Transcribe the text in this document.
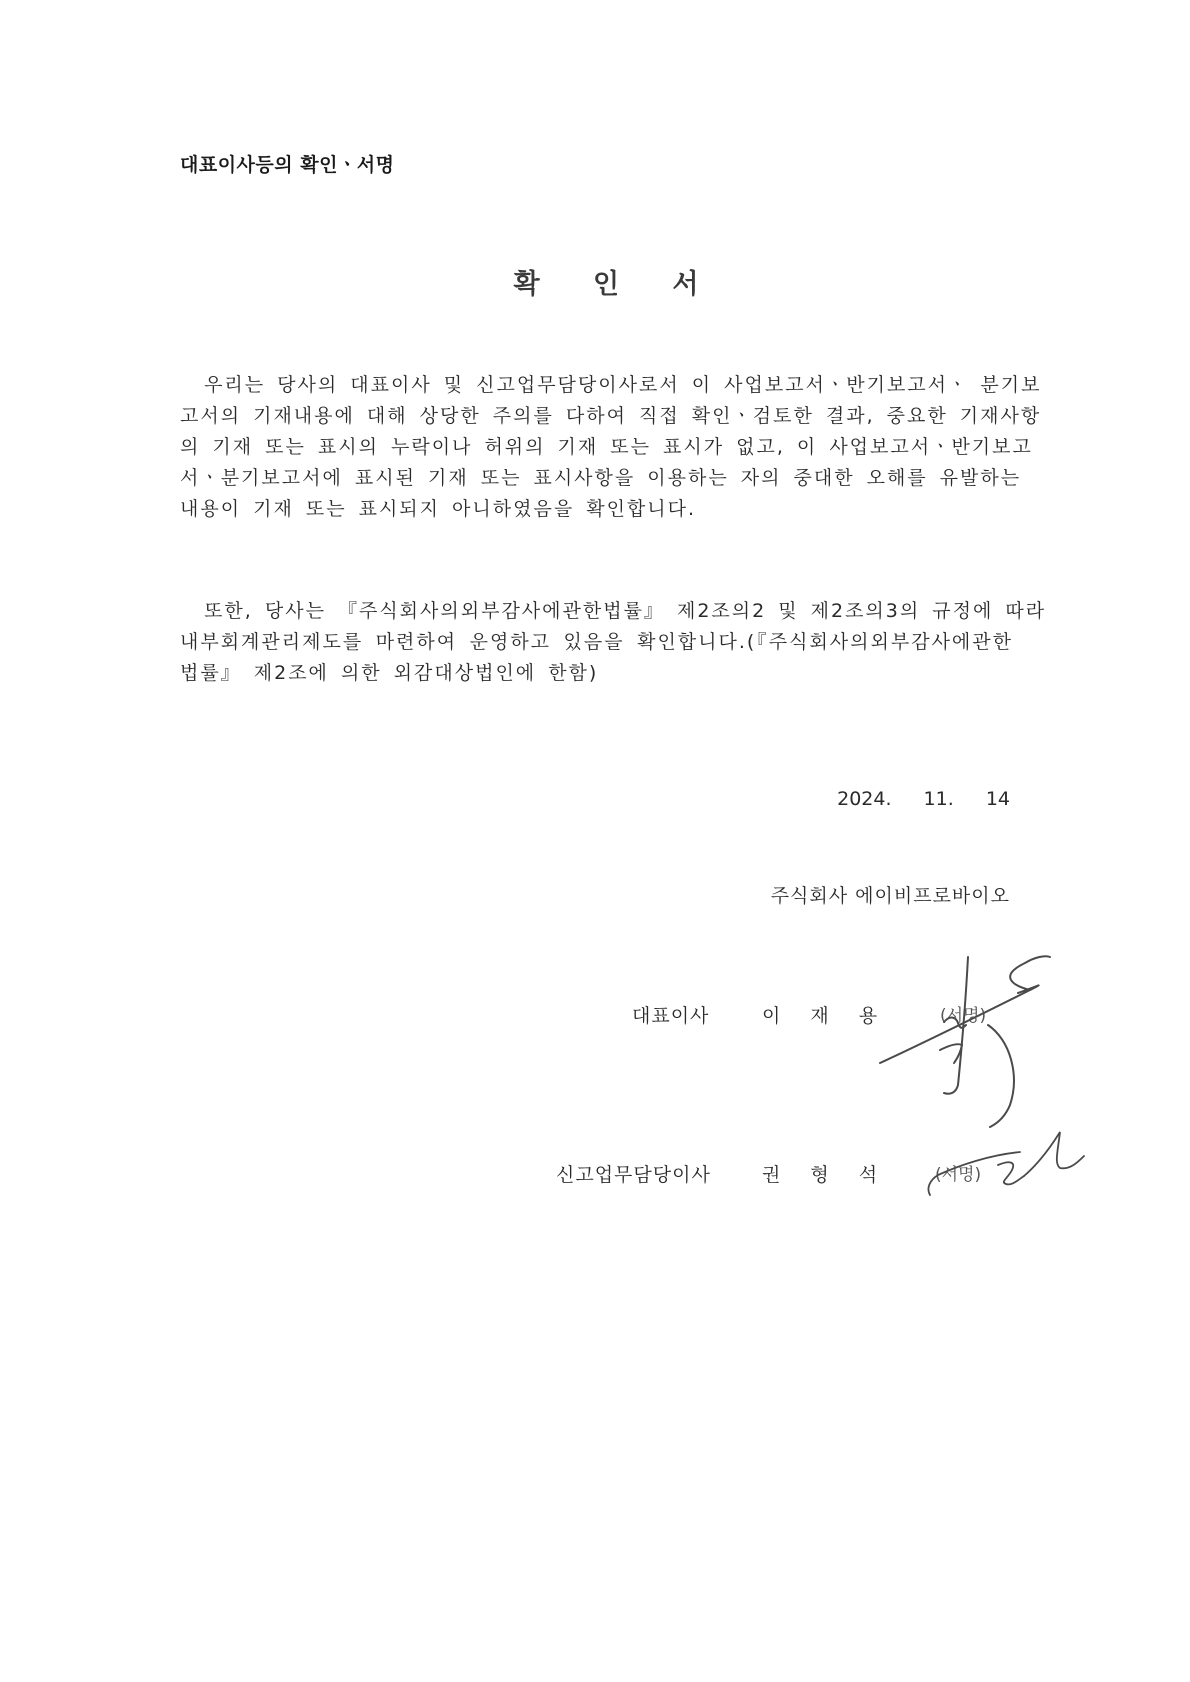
대표이사등의 확인ㆍ서명
확 인 서
우리는 당사의 대표이사 및 신고업무담당이사로서 이 사업보고서ㆍ반기보고서ㆍ 분기보
고서의 기재내용에 대해 상당한 주의를 다하여 직접 확인ㆍ검토한 결과, 중요한 기재사항
의 기재 또는 표시의 누락이나 허위의 기재 또는 표시가 없고, 이 사업보고서ㆍ반기보고
서ㆍ분기보고서에 표시된 기재 또는 표시사항을 이용하는 자의 중대한 오해를 유발하는
내용이 기재 또는 표시되지 아니하였음을 확인합니다.
또한, 당사는 『주식회사의외부감사에관한법률』 제2조의2 및 제2조의3의 규정에 따라
내부회계관리제도를 마련하여 운영하고 있음을 확인합니다.(『주식회사의외부감사에관한
법률』 제2조에 의한 외감대상법인에 한함)
2024. 11. 14
주식회사 에이비프로바이오
대표이사	이 재 용	(서명)
신고업무담당이사	권 형 석	(서명)
